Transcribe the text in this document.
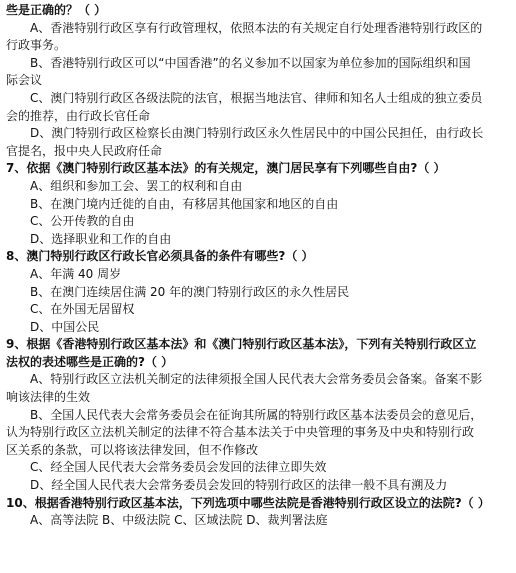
些是正确的？（ ）
A、香港特别行政区享有行政管理权，依照本法的有关规定自行处理香港特别行政区的
行政事务。
B、香港特别行政区可以“中国香港”的名义参加不以国家为单位参加的国际组织和国
际会议
C、澳门特别行政区各级法院的法官，根据当地法官、律师和知名人士组成的独立委员
会的推荐，由行政长官任命
D、澳门特别行政区检察长由澳门特别行政区永久性居民中的中国公民担任，由行政长
官提名，报中央人民政府任命
7、依据《澳门特别行政区基本法》的有关规定，澳门居民享有下列哪些自由?（ ）
A、组织和参加工会、罢工的权利和自由
B、在澳门境内迁徙的自由，有移居其他国家和地区的自由
C、公开传教的自由
D、选择职业和工作的自由
8、澳门特别行政区行政长官必须具备的条件有哪些?（ ）
A、年满 40 周岁
B、在澳门连续居住满 20 年的澳门特别行政区的永久性居民
C、在外国无居留权
D、中国公民
9、根据《香港特别行政区基本法》和《澳门特别行政区基本法》，下列有关特别行政区立
法权的表述哪些是正确的?（ ）
A、特别行政区立法机关制定的法律须报全国人民代表大会常务委员会备案。备案不影
响该法律的生效
B、全国人民代表大会常务委员会在征询其所属的特别行政区基本法委员会的意见后，
认为特别行政区立法机关制定的法律不符合基本法关于中央管理的事务及中央和特别行政
区关系的条款，可以将该法律发回，但不作修改
C、经全国人民代表大会常务委员会发回的法律立即失效
D、经全国人民代表大会常务委员会发回的特别行政区的法律一般不具有溯及力
10、根据香港特别行政区基本法，下列选项中哪些法院是香港特别行政区设立的法院?（ ）
A、高等法院 B、中级法院 C、区域法院 D、裁判署法庭
